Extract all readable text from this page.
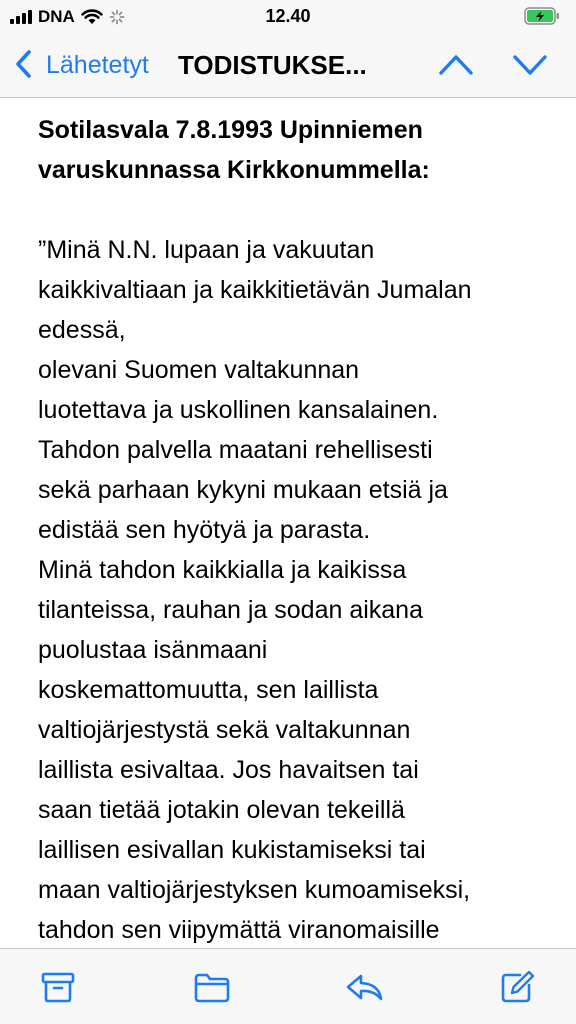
DNA	12.40
Lähetetyt TODISTUKSE...
Sotilasvala 7.8.1993 Upinniemen
varuskunnassa Kirkkonummella:
”Minä N.N. lupaan ja vakuutan
kaikkivaltiaan ja kaikkitietävän Jumalan
edessä,
olevani Suomen valtakunnan
luotettava ja uskollinen kansalainen.
Tahdon palvella maatani rehellisesti
sekä parhaan kykyni mukaan etsiä ja
edistää sen hyötyä ja parasta.
Minä tahdon kaikkialla ja kaikissa
tilanteissa, rauhan ja sodan aikana
puolustaa isänmaani
koskemattomuutta, sen laillista
valtiojärjestystä sekä valtakunnan
laillista esivaltaa. Jos havaitsen tai
saan tietää jotakin olevan tekeillä
laillisen esivallan kukistamiseksi tai
maan valtiojärjestyksen kumoamiseksi,
tahdon sen viipymättä viranomaisille
